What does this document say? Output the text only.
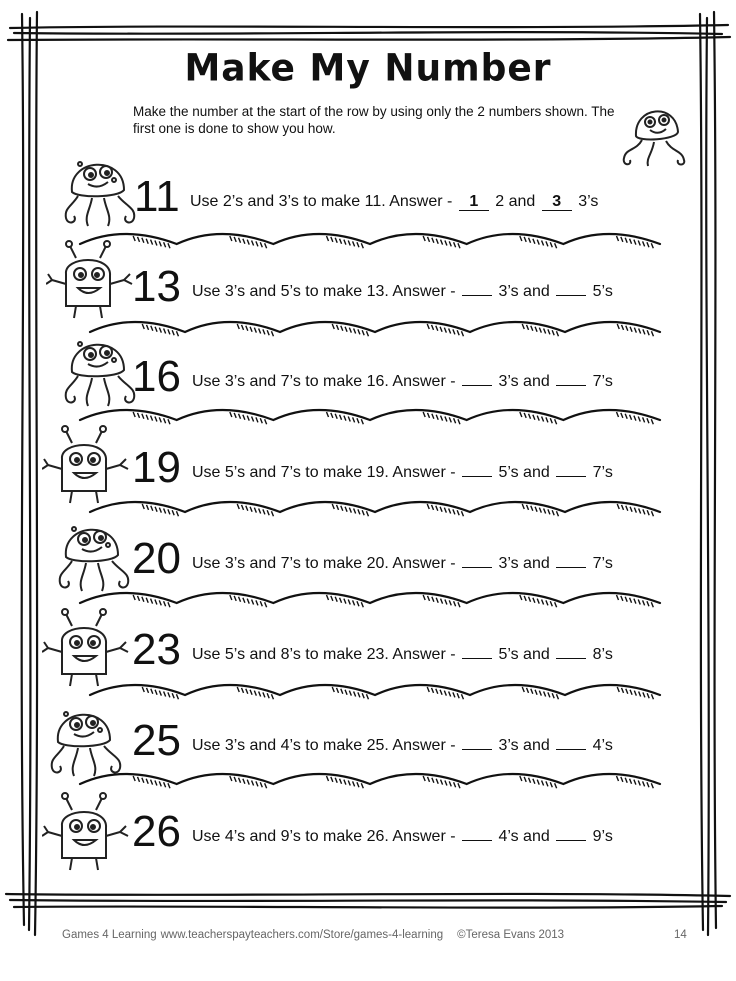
Make My Number
Make the number at the start of the row by using only the 2 numbers shown. The first one is done to show you how.
11 Use 2’s and 3’s to make 11. Answer - 1 2 and 3 3’s
13 Use 3’s and 5’s to make 13. Answer -  3’s and  5’s
16 Use 3’s and 7’s to make 16. Answer -  3’s and  7’s
19 Use 5’s and 7’s to make 19. Answer -  5’s and  7’s
20 Use 3’s and 7’s to make 20. Answer -  3’s and  7’s
23 Use 5’s and 8’s to make 23. Answer -  5’s and  8’s
25 Use 3’s and 4’s to make 25. Answer -  3’s and  4’s
26 Use 4’s and 9’s to make 26. Answer -  4’s and  9’s
Games 4 Learning www.teacherspayteachers.com/Store/games-4-learning ©Teresa Evans 2013	14
